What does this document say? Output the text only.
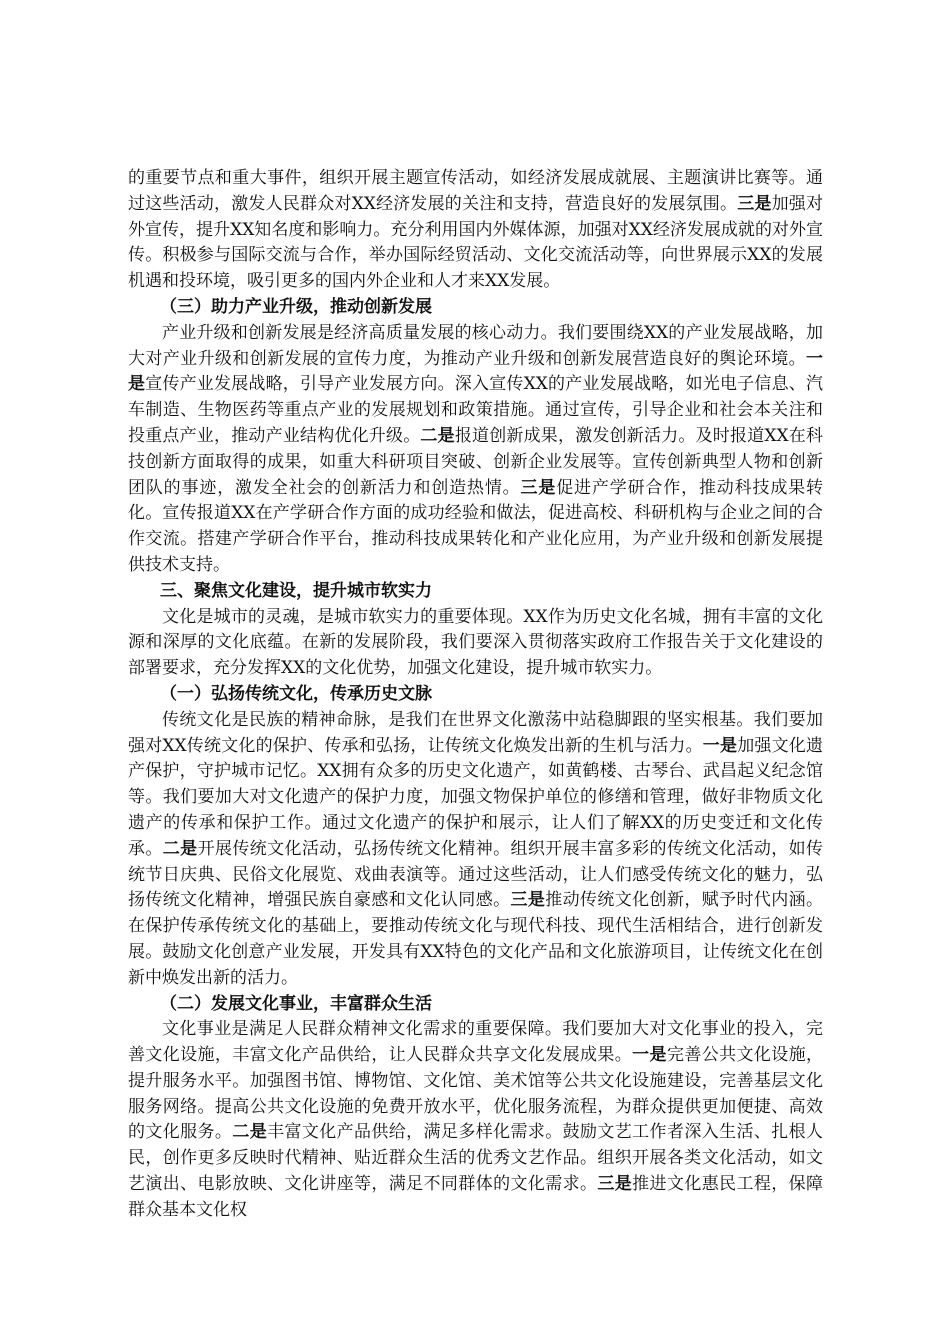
的重要节点和重大事件，组织开展主题宣传活动，如经济发展成就展、主题演讲比赛等。通过这些活动，激发人民群众对XX经济发展的关注和支持，营造良好的发展氛围。三是加强对外宣传，提升XX知名度和影响力。充分利用国内外媒体源，加强对XX经济发展成就的对外宣传。积极参与国际交流与合作，举办国际经贸活动、文化交流活动等，向世界展示XX的发展机遇和投环境，吸引更多的国内外企业和人才来XX发展。

（三）助力产业升级，推动创新发展

产业升级和创新发展是经济高质量发展的核心动力。我们要围绕XX的产业发展战略，加大对产业升级和创新发展的宣传力度，为推动产业升级和创新发展营造良好的舆论环境。一是宣传产业发展战略，引导产业发展方向。深入宣传XX的产业发展战略，如光电子信息、汽车制造、生物医药等重点产业的发展规划和政策措施。通过宣传，引导企业和社会本关注和投重点产业，推动产业结构优化升级。二是报道创新成果，激发创新活力。及时报道XX在科技创新方面取得的成果，如重大科研项目突破、创新企业发展等。宣传创新典型人物和创新团队的事迹，激发全社会的创新活力和创造热情。三是促进产学研合作，推动科技成果转化。宣传报道XX在产学研合作方面的成功经验和做法，促进高校、科研机构与企业之间的合作交流。搭建产学研合作平台，推动科技成果转化和产业化应用，为产业升级和创新发展提供技术支持。

三、聚焦文化建设，提升城市软实力

文化是城市的灵魂，是城市软实力的重要体现。XX作为历史文化名城，拥有丰富的文化源和深厚的文化底蕴。在新的发展阶段，我们要深入贯彻落实政府工作报告关于文化建设的部署要求，充分发挥XX的文化优势，加强文化建设，提升城市软实力。

（一）弘扬传统文化，传承历史文脉

传统文化是民族的精神命脉，是我们在世界文化激荡中站稳脚跟的坚实根基。我们要加强对XX传统文化的保护、传承和弘扬，让传统文化焕发出新的生机与活力。一是加强文化遗产保护，守护城市记忆。XX拥有众多的历史文化遗产，如黄鹤楼、古琴台、武昌起义纪念馆等。我们要加大对文化遗产的保护力度，加强文物保护单位的修缮和管理，做好非物质文化遗产的传承和保护工作。通过文化遗产的保护和展示，让人们了解XX的历史变迁和文化传承。二是开展传统文化活动，弘扬传统文化精神。组织开展丰富多彩的传统文化活动，如传统节日庆典、民俗文化展览、戏曲表演等。通过这些活动，让人们感受传统文化的魅力，弘扬传统文化精神，增强民族自豪感和文化认同感。三是推动传统文化创新，赋予时代内涵。在保护传承传统文化的基础上，要推动传统文化与现代科技、现代生活相结合，进行创新发展。鼓励文化创意产业发展，开发具有XX特色的文化产品和文化旅游项目，让传统文化在创新中焕发出新的活力。

（二）发展文化事业，丰富群众生活

文化事业是满足人民群众精神文化需求的重要保障。我们要加大对文化事业的投入，完善文化设施，丰富文化产品供给，让人民群众共享文化发展成果。一是完善公共文化设施，提升服务水平。加强图书馆、博物馆、文化馆、美术馆等公共文化设施建设，完善基层文化服务网络。提高公共文化设施的免费开放水平，优化服务流程，为群众提供更加便捷、高效的文化服务。二是丰富文化产品供给，满足多样化需求。鼓励文艺工作者深入生活、扎根人民，创作更多反映时代精神、贴近群众生活的优秀文艺作品。组织开展各类文化活动，如文艺演出、电影放映、文化讲座等，满足不同群体的文化需求。三是推进文化惠民工程，保障群众基本文化权
